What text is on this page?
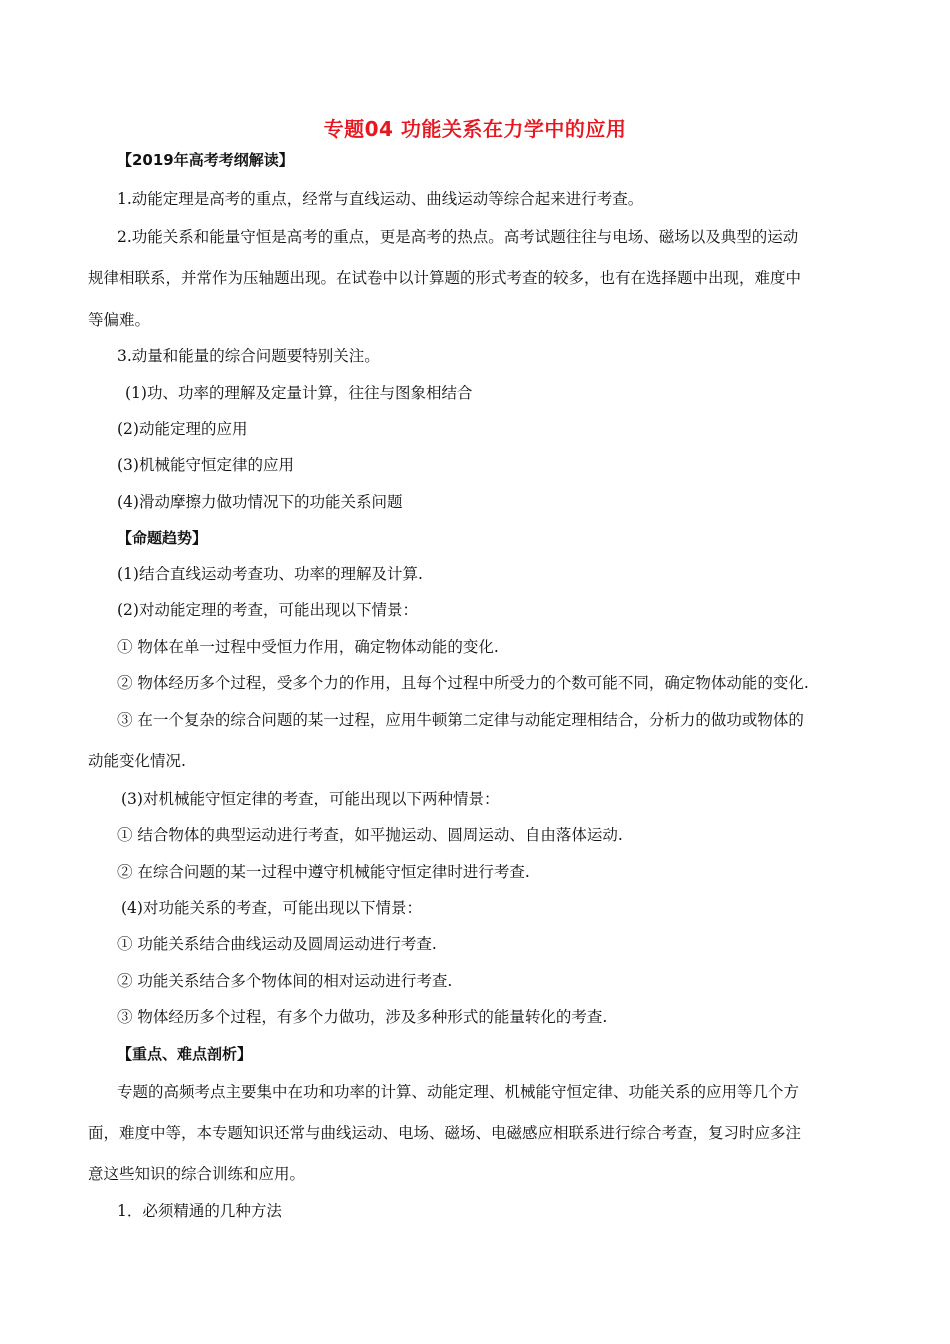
专题04 功能关系在力学中的应用
【2019年高考考纲解读】
1.动能定理是高考的重点，经常与直线运动、曲线运动等综合起来进行考查。
2.功能关系和能量守恒是高考的重点，更是高考的热点。高考试题往往与电场、磁场以及典型的运动
规律相联系，并常作为压轴题出现。在试卷中以计算题的形式考查的较多，也有在选择题中出现，难度中
等偏难。
3.动量和能量的综合问题要特别关注。
(1)功、功率的理解及定量计算，往往与图象相结合
(2)动能定理的应用
(3)机械能守恒定律的应用
(4)滑动摩擦力做功情况下的功能关系问题
【命题趋势】
(1)结合直线运动考查功、功率的理解及计算.
(2)对动能定理的考查，可能出现以下情景：
① 物体在单一过程中受恒力作用，确定物体动能的变化.
② 物体经历多个过程，受多个力的作用，且每个过程中所受力的个数可能不同，确定物体动能的变化.
③ 在一个复杂的综合问题的某一过程，应用牛顿第二定律与动能定理相结合，分析力的做功或物体的
动能变化情况.
(3)对机械能守恒定律的考查，可能出现以下两种情景：
① 结合物体的典型运动进行考查，如平抛运动、圆周运动、自由落体运动.
② 在综合问题的某一过程中遵守机械能守恒定律时进行考查.
(4)对功能关系的考查，可能出现以下情景：
① 功能关系结合曲线运动及圆周运动进行考查.
② 功能关系结合多个物体间的相对运动进行考查.
③ 物体经历多个过程，有多个力做功，涉及多种形式的能量转化的考查.
【重点、难点剖析】
专题的高频考点主要集中在功和功率的计算、动能定理、机械能守恒定律、功能关系的应用等几个方
面，难度中等，本专题知识还常与曲线运动、电场、磁场、电磁感应相联系进行综合考查，复习时应多注
意这些知识的综合训练和应用。
1．必须精通的几种方法
